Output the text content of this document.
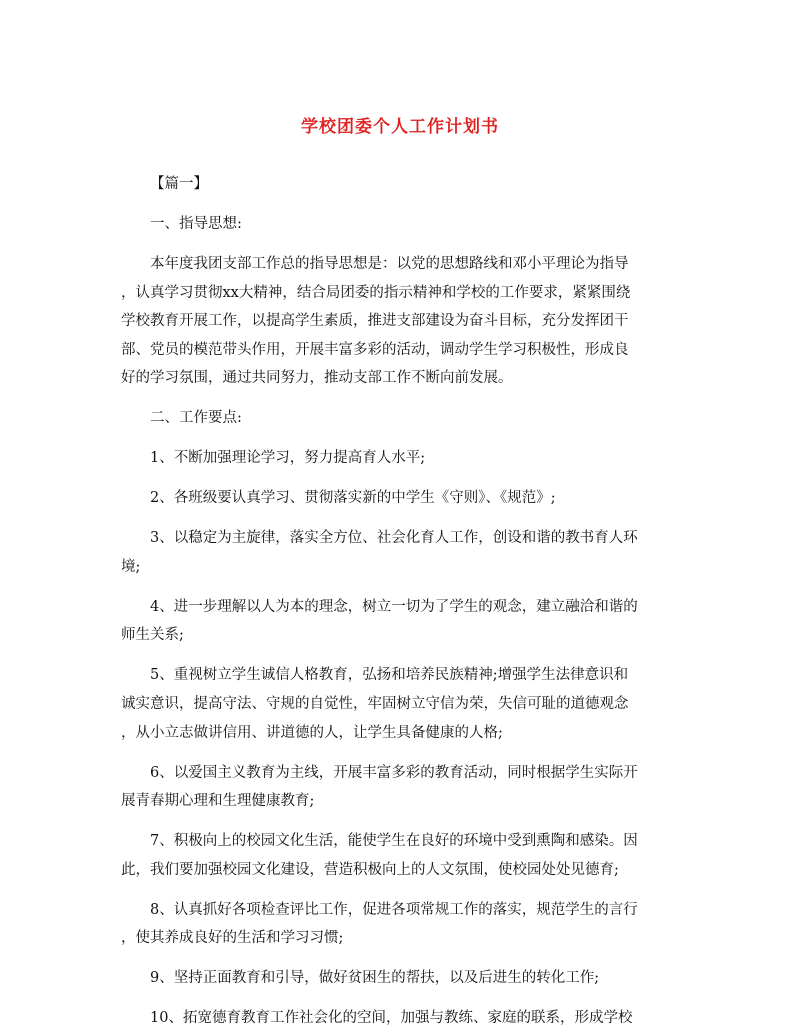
学校团委个人工作计划书
【篇一】
一、指导思想:
本年度我团支部工作总的指导思想是：以党的思想路线和邓小平理论为指导
，认真学习贯彻xx大精神，结合局团委的指示精神和学校的工作要求，紧紧围绕
学校教育开展工作，以提高学生素质，推进支部建设为奋斗目标，充分发挥团干
部、党员的模范带头作用，开展丰富多彩的活动，调动学生学习积极性，形成良
好的学习氛围，通过共同努力，推动支部工作不断向前发展。
二、工作要点:
1、不断加强理论学习，努力提高育人水平;
2、各班级要认真学习、贯彻落实新的中学生《守则》、《规范》;
3、以稳定为主旋律，落实全方位、社会化育人工作，创设和谐的教书育人环
境;
4、进一步理解以人为本的理念，树立一切为了学生的观念，建立融洽和谐的
师生关系;
5、重视树立学生诚信人格教育，弘扬和培养民族精神;增强学生法律意识和
诚实意识，提高守法、守规的自觉性，牢固树立守信为荣，失信可耻的道德观念
，从小立志做讲信用、讲道德的人，让学生具备健康的人格;
6、以爱国主义教育为主线，开展丰富多彩的教育活动，同时根据学生实际开
展青春期心理和生理健康教育;
7、积极向上的校园文化生活，能使学生在良好的环境中受到熏陶和感染。因
此，我们要加强校园文化建设，营造积极向上的人文氛围，使校园处处见德育;
8、认真抓好各项检查评比工作，促进各项常规工作的落实，规范学生的言行
，使其养成良好的生活和学习习惯;
9、坚持正面教育和引导，做好贫困生的帮扶，以及后进生的转化工作;
10、拓宽德育教育工作社会化的空间，加强与教练、家庭的联系，形成学校
